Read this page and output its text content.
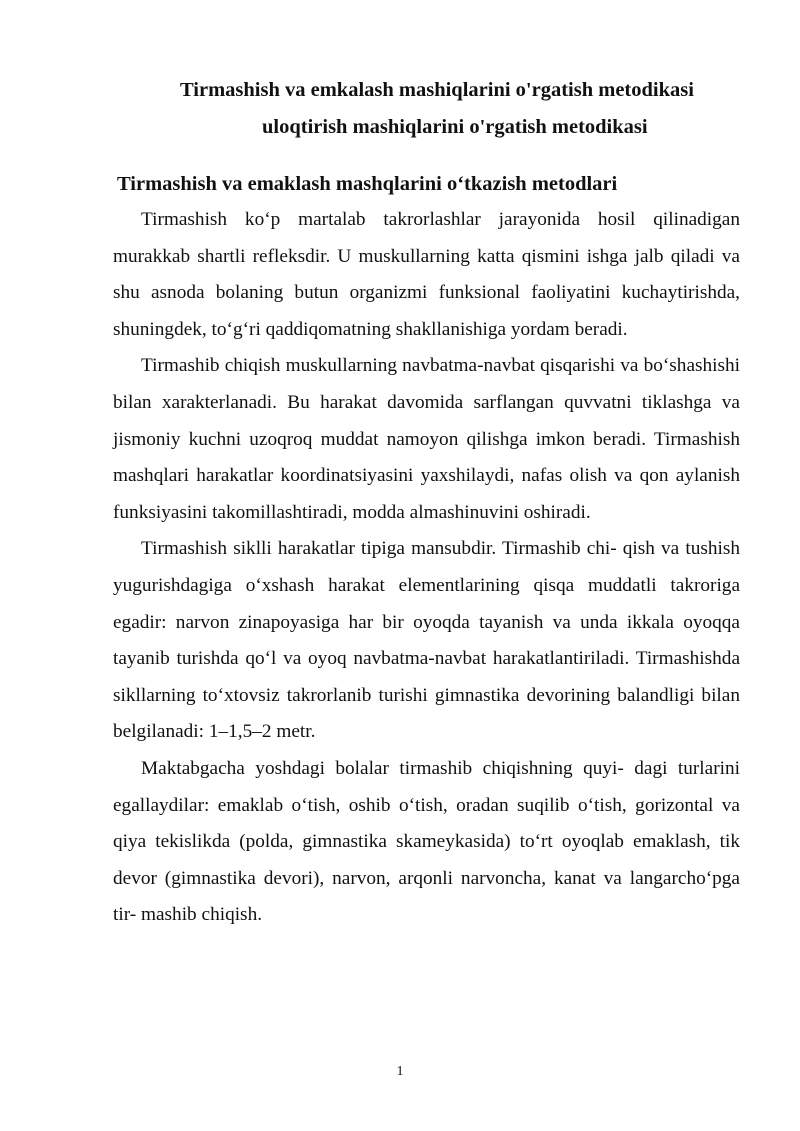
Tirmashish va emkalash mashiqlarini o'rgatish metodikasi
uloqtirish mashiqlarini o'rgatish metodikasi
Tirmashish va emaklash mashqlarini o‘tkazish metodlari

Tirmashish ko‘p martalab takrorlashlar jarayonida hosil qilinadigan murakkab shartli refleksdir. U muskullarning katta qismini ishga jalb qiladi va shu asnoda bolaning butun organizmi funksional faoliyatini kuchaytirishda, shuningdek, to‘g‘ri qaddiqomatning shakllanishiga yordam beradi.

Tirmashib chiqish muskullarning navbatma-navbat qisqarishi va bo‘shashishi bilan xarakterlanadi. Bu harakat davomida sarflangan quvvatni tiklashga va jismoniy kuchni uzoqroq muddat namoyon qilishga imkon beradi. Tirmashish mashqlari harakatlar koordinatsiyasini yaxshilaydi, nafas olish va qon aylanish funksiyasini takomillashtiradi, modda almashinuvini oshiradi.

Tirmashish siklli harakatlar tipiga mansubdir. Tirmashib chi- qish va tushish yugurishdagiga o‘xshash harakat elementlarining qisqa muddatli takroriga egadir: narvon zinapoyasiga har bir oyoqda tayanish va unda ikkala oyoqqa tayanib turishda qo‘l va oyoq navbatma-navbat harakatlantiriladi. Tirmashishda sikllarning to‘xtovsiz takrorlanib turishi gimnastika devorining balandligi bilan belgilanadi: 1–1,5–2 metr.

Maktabgacha yoshdagi bolalar tirmashib chiqishning quyi- dagi turlarini egallaydilar: emaklab o‘tish, oshib o‘tish, oradan suqilib o‘tish, gorizontal va qiya tekislikda (polda, gimnastika skameykasida) to‘rt oyoqlab emaklash, tik devor (gimnastika devori), narvon, arqonli narvoncha, kanat va langarcho‘pga tir- mashib chiqish.

1
